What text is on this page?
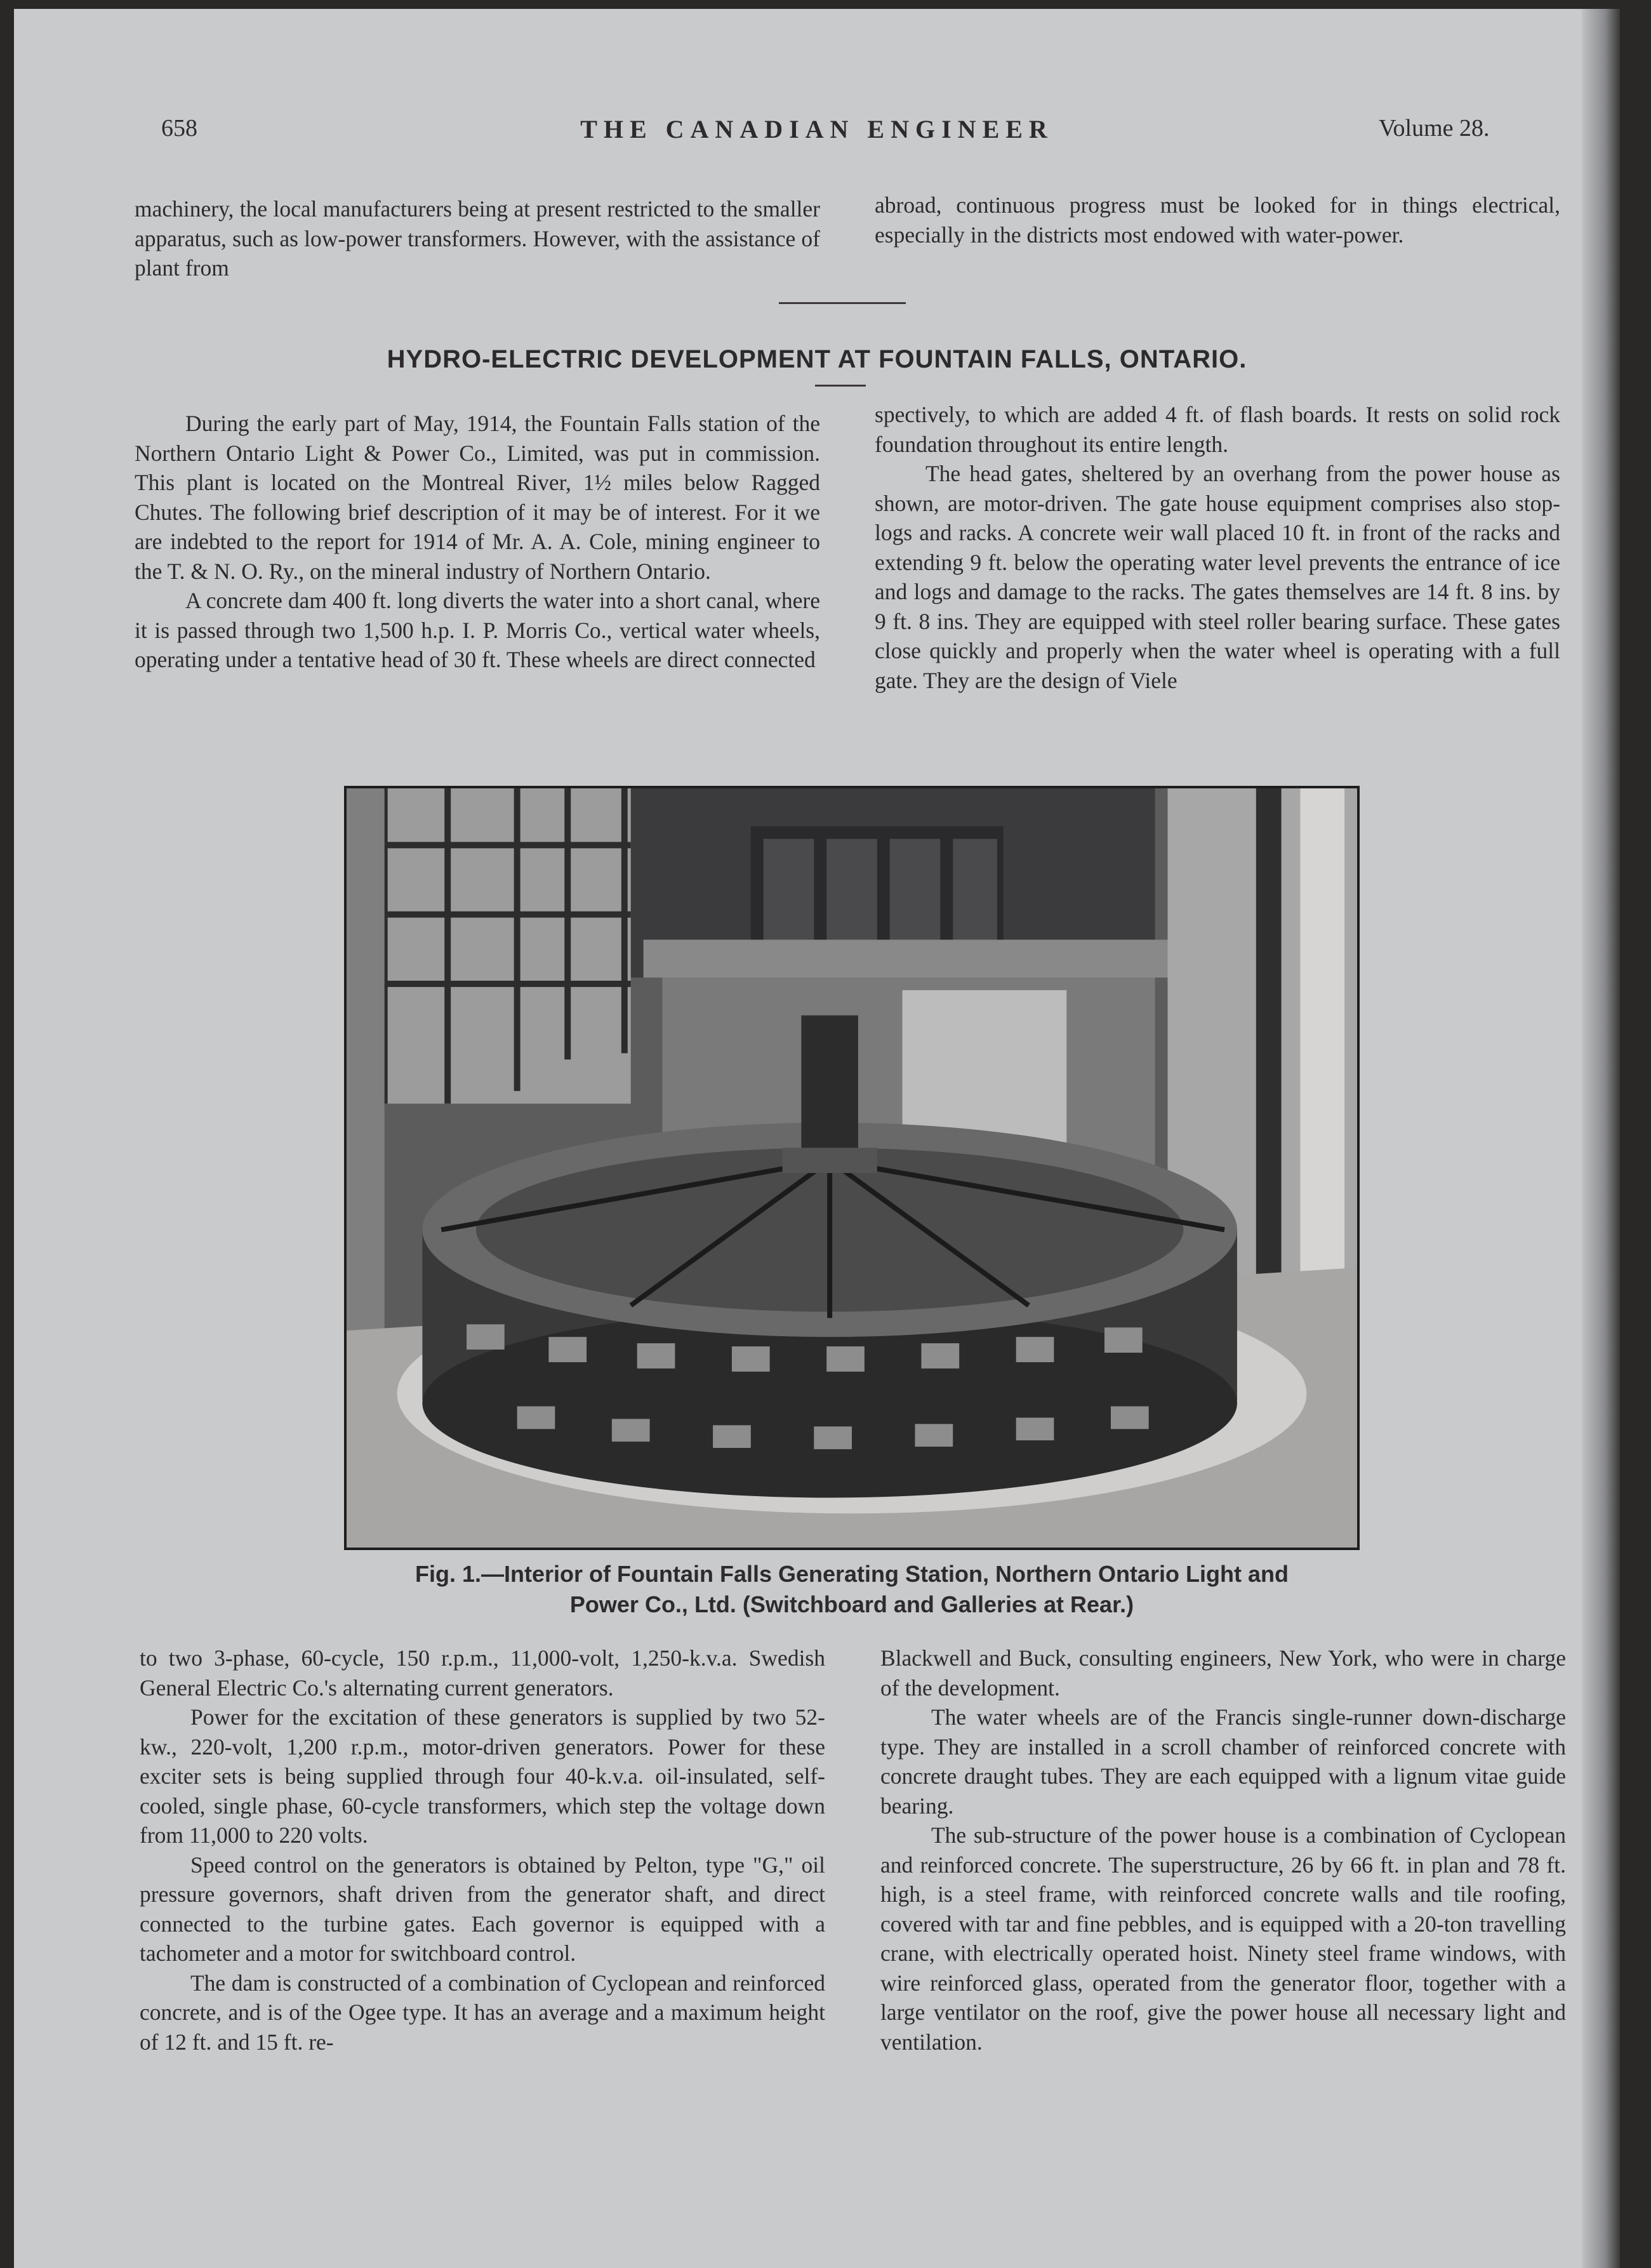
658	THE CANADIAN ENGINEER	Volume 28.

machinery, the local manufacturers being at present restricted to the smaller apparatus, such as low-power transformers. However, with the assistance of plant from

abroad, continuous progress must be looked for in things electrical, especially in the districts most endowed with water-power.

HYDRO-ELECTRIC DEVELOPMENT AT FOUNTAIN FALLS, ONTARIO.

During the early part of May, 1914, the Fountain Falls station of the Northern Ontario Light & Power Co., Limited, was put in commission. This plant is located on the Montreal River, 1½ miles below Ragged Chutes. The following brief description of it may be of interest. For it we are indebted to the report for 1914 of Mr. A. A. Cole, mining engineer to the T. & N. O. Ry., on the mineral industry of Northern Ontario.

A concrete dam 400 ft. long diverts the water into a short canal, where it is passed through two 1,500 h.p. I. P. Morris Co., vertical water wheels, operating under a tentative head of 30 ft. These wheels are direct connected

spectively, to which are added 4 ft. of flash boards. It rests on solid rock foundation throughout its entire length.

The head gates, sheltered by an overhang from the power house as shown, are motor-driven. The gate house equipment comprises also stop-logs and racks. A concrete weir wall placed 10 ft. in front of the racks and extending 9 ft. below the operating water level prevents the entrance of ice and logs and damage to the racks. The gates themselves are 14 ft. 8 ins. by 9 ft. 8 ins. They are equipped with steel roller bearing surface. These gates close quickly and properly when the water wheel is operating with a full gate. They are the design of Viele

Fig. 1.—Interior of Fountain Falls Generating Station, Northern Ontario Light and
Power Co., Ltd. (Switchboard and Galleries at Rear.)

to two 3-phase, 60-cycle, 150 r.p.m., 11,000-volt, 1,250-k.v.a. Swedish General Electric Co.'s alternating current generators.

Power for the excitation of these generators is supplied by two 52-kw., 220-volt, 1,200 r.p.m., motor-driven generators. Power for these exciter sets is being supplied through four 40-k.v.a. oil-insulated, self-cooled, single phase, 60-cycle transformers, which step the voltage down from 11,000 to 220 volts.

Speed control on the generators is obtained by Pelton, type "G," oil pressure governors, shaft driven from the generator shaft, and direct connected to the turbine gates. Each governor is equipped with a tachometer and a motor for switchboard control.

The dam is constructed of a combination of Cyclopean and reinforced concrete, and is of the Ogee type. It has an average and a maximum height of 12 ft. and 15 ft. re-

Blackwell and Buck, consulting engineers, New York, who were in charge of the development.

The water wheels are of the Francis single-runner down-discharge type. They are installed in a scroll chamber of reinforced concrete with concrete draught tubes. They are each equipped with a lignum vitae guide bearing.

The sub-structure of the power house is a combination of Cyclopean and reinforced concrete. The superstructure, 26 by 66 ft. in plan and 78 ft. high, is a steel frame, with reinforced concrete walls and tile roofing, covered with tar and fine pebbles, and is equipped with a 20-ton travelling crane, with electrically operated hoist. Ninety steel frame windows, with wire reinforced glass, operated from the generator floor, together with a large ventilator on the roof, give the power house all necessary light and ventilation.
